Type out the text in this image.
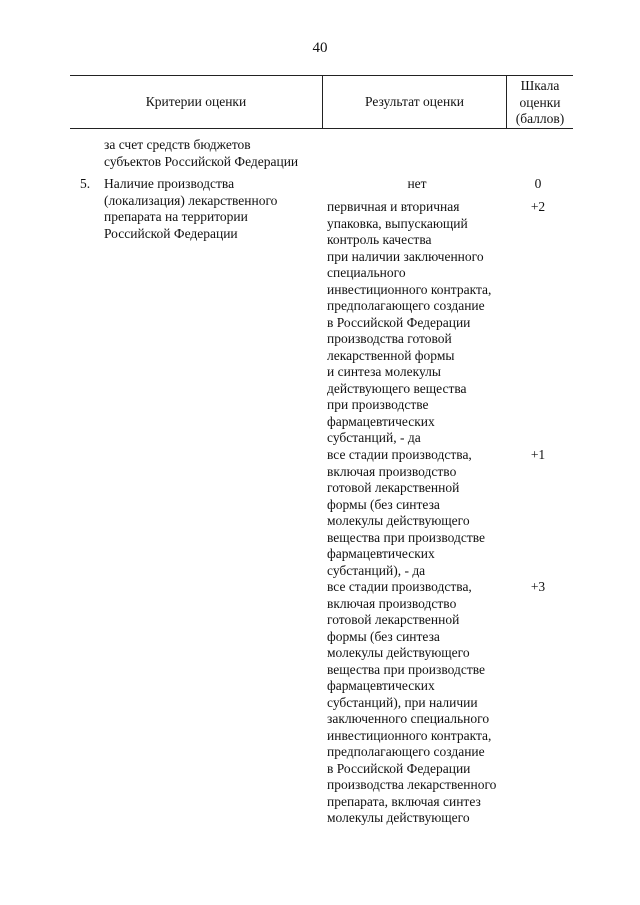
40
Критерии оценки	Результат оценки
Шкала
оценки
(баллов)
за счет средств бюджетов
субъектов Российской Федерации
5. Наличие производства
(локализация) лекарственного
препарата на территории
Российской Федерации
нет	0
первичная и вторичная
упаковка, выпускающий
контроль качества
при наличии заключенного
специального
инвестиционного контракта,
предполагающего создание
в Российской Федерации
производства готовой
лекарственной формы
и синтеза молекулы
действующего вещества
при производстве
фармацевтических
субстанций, - да
+2
все стадии производства,
включая производство
готовой лекарственной
формы (без синтеза
молекулы действующего
вещества при производстве
фармацевтических
субстанций), - да
+1
все стадии производства,
включая производство
готовой лекарственной
формы (без синтеза
молекулы действующего
вещества при производстве
фармацевтических
субстанций), при наличии
заключенного специального
инвестиционного контракта,
предполагающего создание
в Российской Федерации
производства лекарственного
препарата, включая синтез
молекулы действующего
+3
